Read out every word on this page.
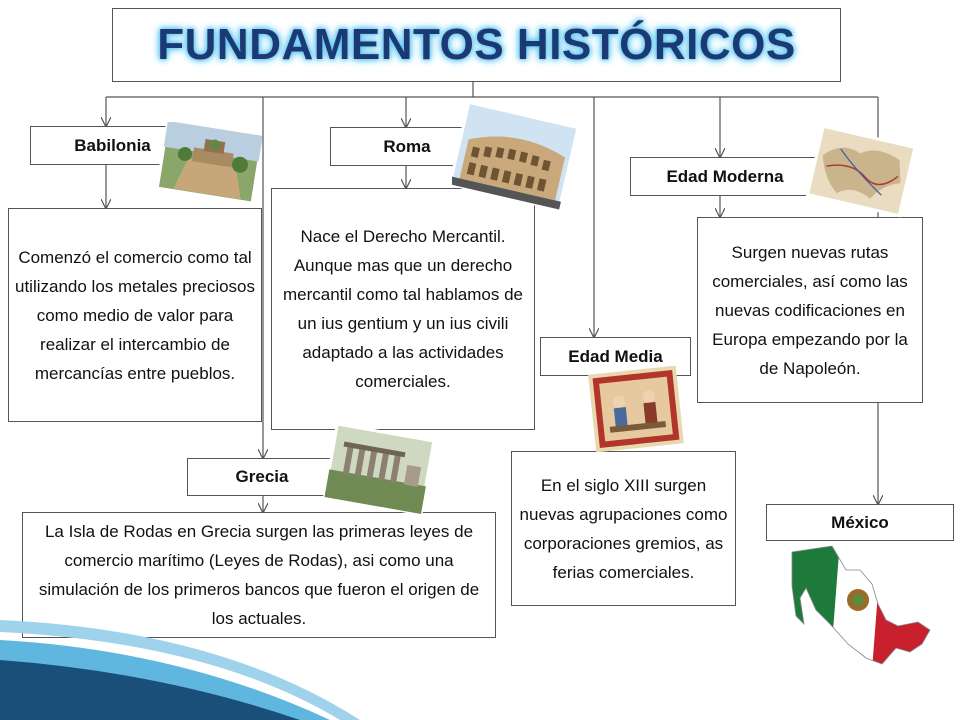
FUNDAMENTOS HISTÓRICOS
Babilonia
Comenzó el comercio como tal utilizando los metales preciosos como medio de valor para realizar el intercambio de mercancías entre pueblos.
Roma
Nace el Derecho Mercantil. Aunque mas que un derecho mercantil como tal hablamos de un ius gentium y un ius civili adaptado a las actividades comerciales.
Edad Moderna
Surgen nuevas rutas comerciales, así como las nuevas codificaciones en Europa empezando por la de Napoleón.
Edad Media
En el siglo XIII surgen nuevas agrupaciones como corporaciones gremios, as ferias comerciales.
Grecia
La Isla de Rodas en Grecia surgen las primeras leyes de comercio marítimo (Leyes de Rodas), asi como una simulación de los primeros bancos que fueron el origen de los actuales.
México
